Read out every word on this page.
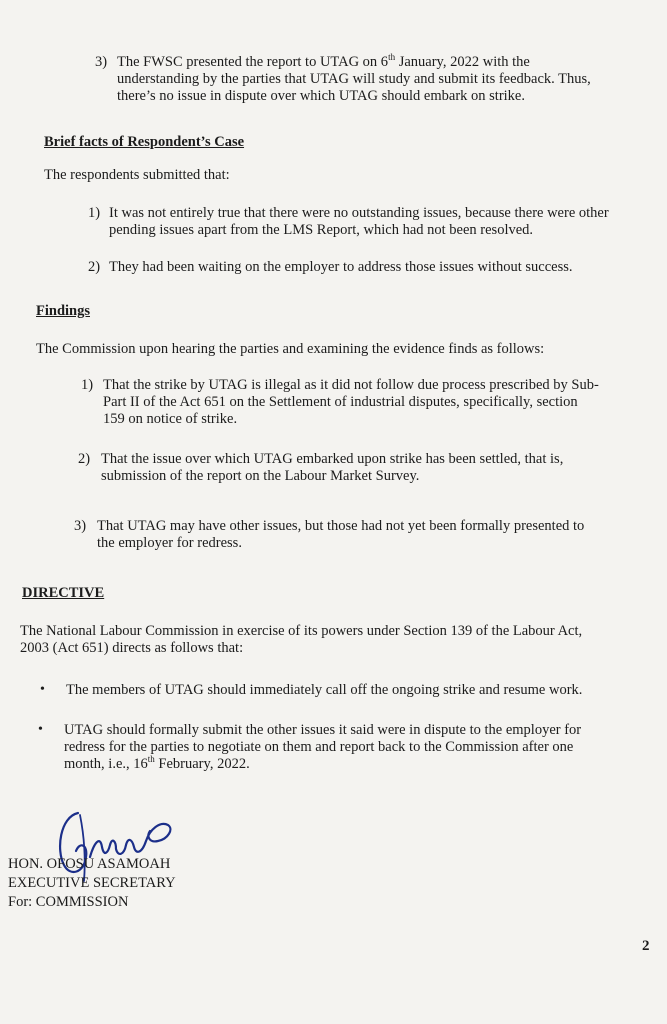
3) The FWSC presented the report to UTAG on 6th January, 2022 with the
understanding by the parties that UTAG will study and submit its feedback. Thus,
there’s no issue in dispute over which UTAG should embark on strike.
Brief facts of Respondent’s Case
The respondents submitted that:
1) It was not entirely true that there were no outstanding issues, because there were other
pending issues apart from the LMS Report, which had not been resolved.
2) They had been waiting on the employer to address those issues without success.
Findings
The Commission upon hearing the parties and examining the evidence finds as follows:
1) That the strike by UTAG is illegal as it did not follow due process prescribed by Sub-
Part II of the Act 651 on the Settlement of industrial disputes, specifically, section
159 on notice of strike.
2) That the issue over which UTAG embarked upon strike has been settled, that is,
submission of the report on the Labour Market Survey.
3) That UTAG may have other issues, but those had not yet been formally presented to
the employer for redress.
DIRECTIVE
The National Labour Commission in exercise of its powers under Section 139 of the Labour Act,
2003 (Act 651) directs as follows that:
• The members of UTAG should immediately call off the ongoing strike and resume work.
• UTAG should formally submit the other issues it said were in dispute to the employer for
redress for the parties to negotiate on them and report back to the Commission after one
month, i.e., 16th February, 2022.
HON. OFOSU ASAMOAH
EXECUTIVE SECRETARY
For: COMMISSION
2
